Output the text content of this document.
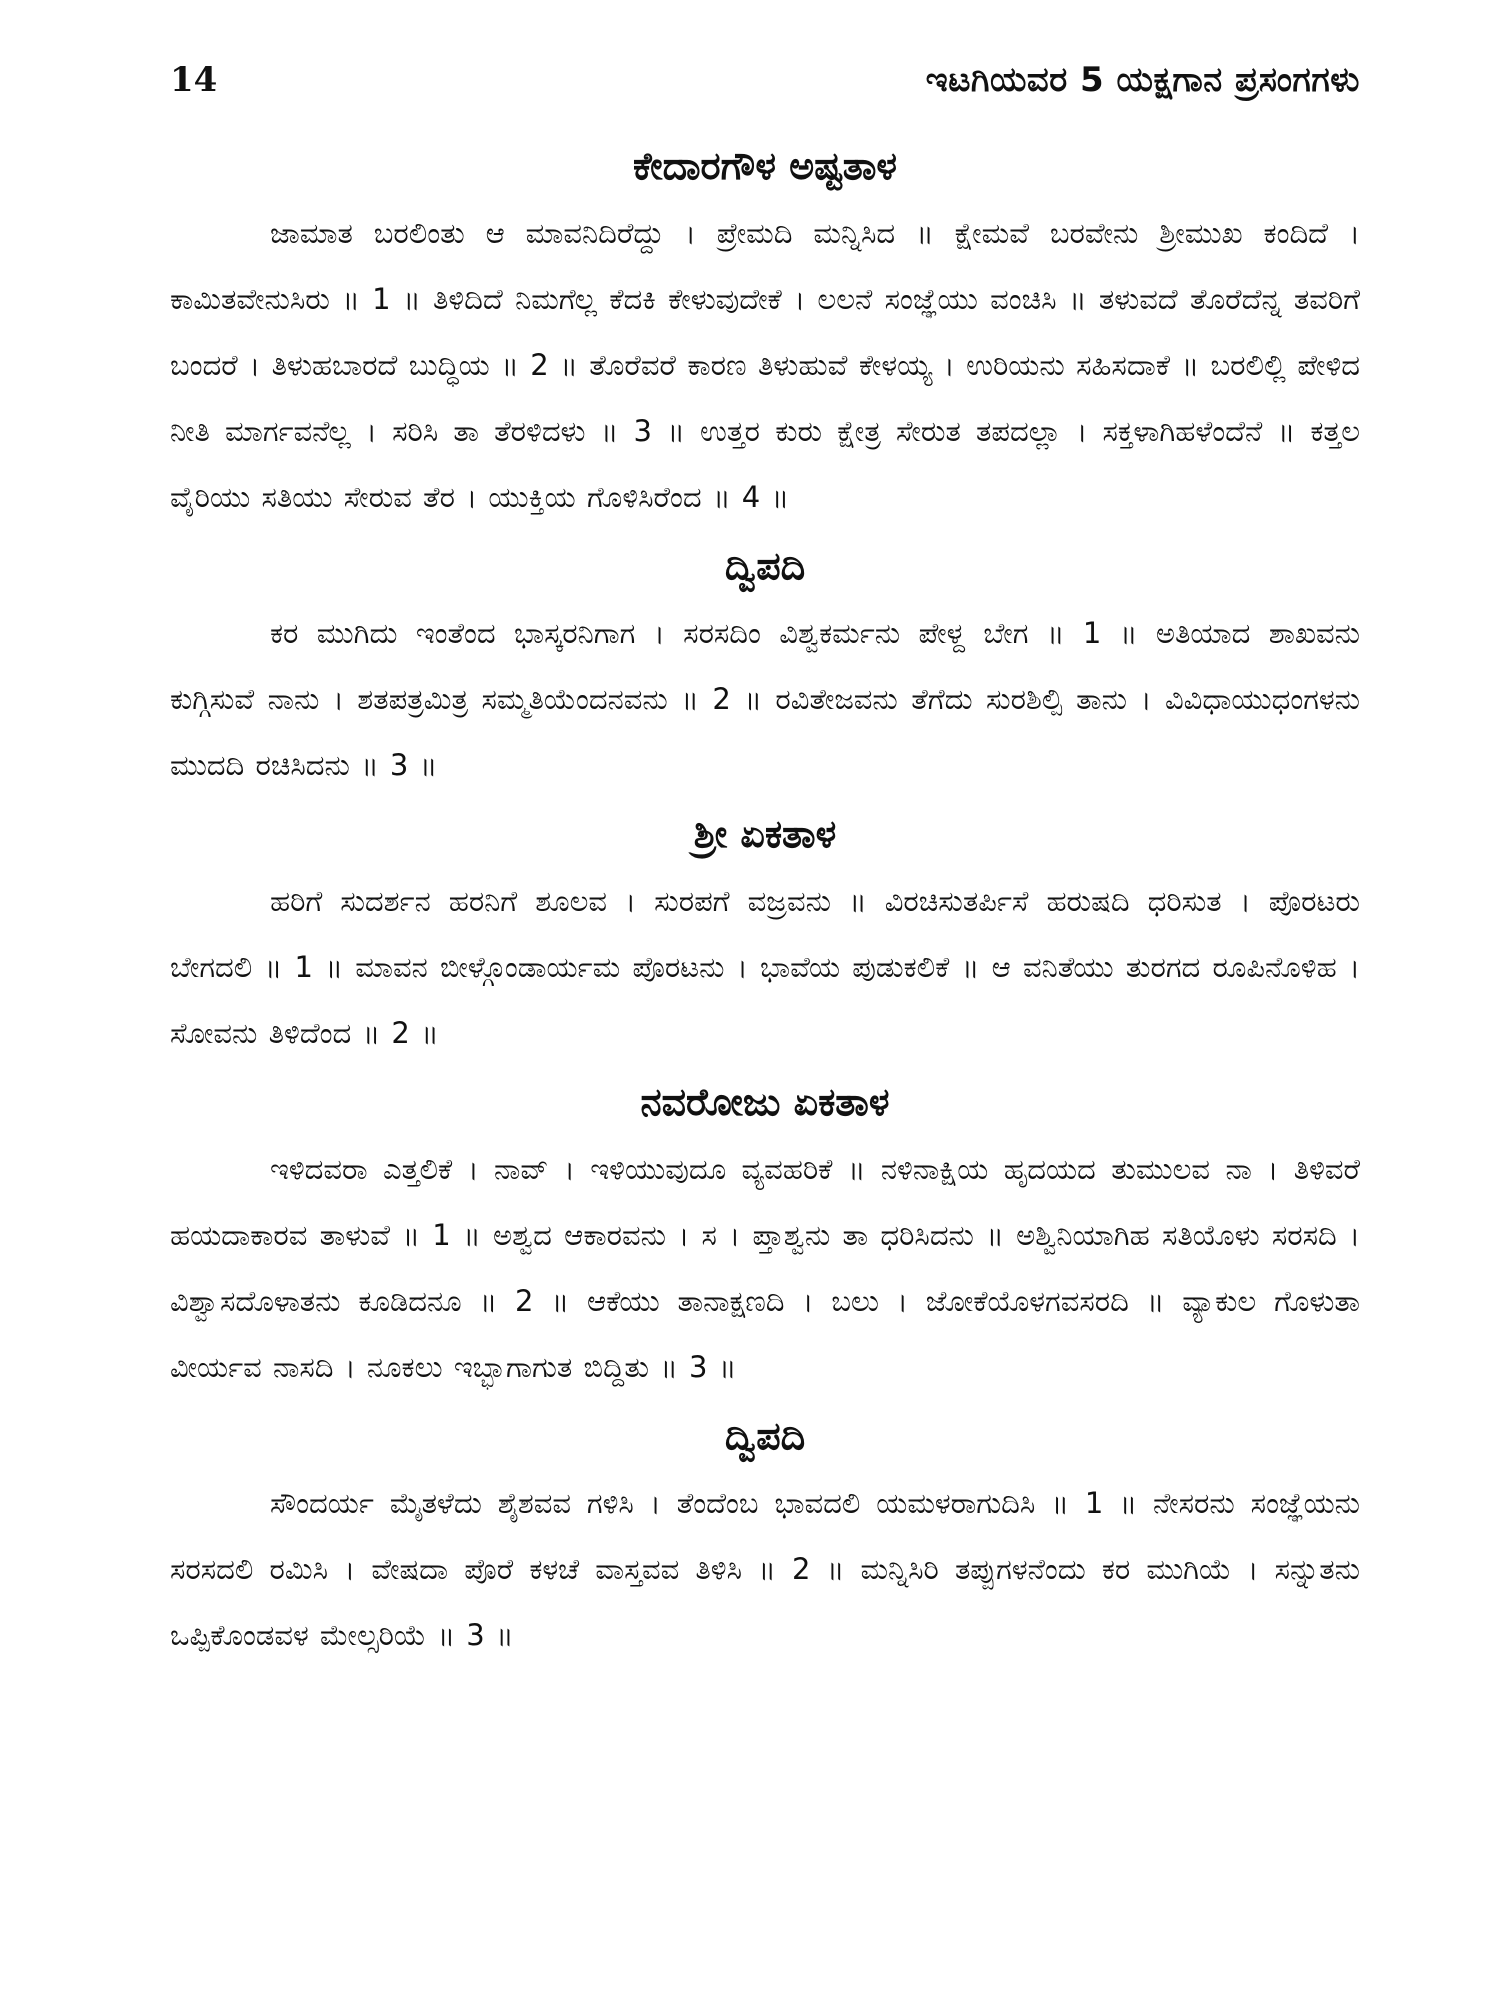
14	ಇಟಗಿಯವರ 5 ಯಕ್ಷಗಾನ ಪ್ರಸಂಗಗಳು
ಕೇದಾರಗೌಳ ಅಷ್ಟತಾಳ

ಜಾಮಾತ ಬರಲಿಂತು ಆ ಮಾವನಿದಿರೆದ್ದು । ಪ್ರೇಮದಿ ಮನ್ನಿಸಿದ ॥ ಕ್ಷೇಮವೆ ಬರವೇನು ಶ್ರೀಮುಖ ಕಂದಿದೆ । ಕಾಮಿತವೇನುಸಿರು ॥ 1 ॥ ತಿಳಿದಿದೆ ನಿಮಗೆಲ್ಲ ಕೆದಕಿ ಕೇಳುವುದೇಕೆ । ಲಲನೆ ಸಂಜ್ಞೆಯು ವಂಚಿಸಿ ॥ ತಳುವದೆ ತೊರೆದೆನ್ನ ತವರಿಗೆ ಬಂದರೆ । ತಿಳುಹಬಾರದೆ ಬುದ್ಧಿಯ ॥ 2 ॥ ತೊರೆವರೆ ಕಾರಣ ತಿಳುಹುವೆ ಕೇಳಯ್ಯ । ಉರಿಯನು ಸಹಿಸದಾಕೆ ॥ ಬರಲಿಲ್ಲಿ ಪೇಳಿದ ನೀತಿ ಮಾರ್ಗವನೆಲ್ಲ । ಸರಿಸಿ ತಾ ತೆರಳಿದಳು ॥ 3 ॥ ಉತ್ತರ ಕುರು ಕ್ಷೇತ್ರ ಸೇರುತ ತಪದಲ್ಲಾ । ಸಕ್ತಳಾಗಿಹಳೆಂದೆನೆ ॥ ಕತ್ತಲ ವೈರಿಯು ಸತಿಯು ಸೇರುವ ತೆರ । ಯುಕ್ತಿಯ ಗೊಳಿಸಿರೆಂದ ॥ 4 ॥

ದ್ವಿಪದಿ

ಕರ ಮುಗಿದು ಇಂತೆಂದ ಭಾಸ್ಕರನಿಗಾಗ । ಸರಸದಿಂ ವಿಶ್ವಕರ್ಮನು ಪೇಳ್ದ ಬೇಗ ॥ 1 ॥ ಅತಿಯಾದ ಶಾಖವನು ಕುಗ್ಗಿಸುವೆ ನಾನು । ಶತಪತ್ರಮಿತ್ರ ಸಮ್ಮತಿಯೆಂದನವನು ॥ 2 ॥ ರವಿತೇಜವನು ತೆಗೆದು ಸುರಶಿಲ್ಪಿ ತಾನು । ವಿವಿಧಾಯುಧಂಗಳನು ಮುದದಿ ರಚಿಸಿದನು ॥ 3 ॥

ಶ್ರೀ ಏಕತಾಳ

ಹರಿಗೆ ಸುದರ್ಶನ ಹರನಿಗೆ ಶೂಲವ । ಸುರಪಗೆ ವಜ್ರವನು ॥ ವಿರಚಿಸುತರ್ಪಿಸೆ ಹರುಷದಿ ಧರಿಸುತ । ಪೊರಟರು ಬೇಗದಲಿ ॥ 1 ॥ ಮಾವನ ಬೀಳ್ಗೊಂಡಾರ್ಯಮ ಪೊರಟನು । ಭಾವೆಯ ಪುಡುಕಲಿಕೆ ॥ ಆ ವನಿತೆಯು ತುರಗದ ರೂಪಿನೊಳಿಹ । ಸೋವನು ತಿಳಿದೆಂದ ॥ 2 ॥

ನವರೋಜು ಏಕತಾಳ

ಇಳಿದವರಾ ಎತ್ತಲಿಕೆ । ನಾವ್ । ಇಳಿಯುವುದೂ ವ್ಯವಹರಿಕೆ ॥ ನಳಿನಾಕ್ಷಿಯ ಹೃದಯದ ತುಮುಲವ ನಾ । ತಿಳಿವರೆ ಹಯದಾಕಾರವ ತಾಳುವೆ ॥ 1 ॥ ಅಶ್ವದ ಆಕಾರವನು । ಸ । ಪ್ತಾಶ್ವನು ತಾ ಧರಿಸಿದನು ॥ ಅಶ್ವಿನಿಯಾಗಿಹ ಸತಿಯೊಳು ಸರಸದಿ । ವಿಶ್ವಾಸದೊಳಾತನು ಕೂಡಿದನೂ ॥ 2 ॥ ಆಕೆಯು ತಾನಾಕ್ಷಣದಿ । ಬಲು । ಜೋಕೆಯೊಳಗವಸರದಿ ॥ ವ್ಯಾಕುಲ ಗೊಳುತಾ ವೀರ್ಯವ ನಾಸದಿ । ನೂಕಲು ಇಬ್ಭಾಗಾಗುತ ಬಿದ್ದಿತು ॥ 3 ॥

ದ್ವಿಪದಿ

ಸೌಂದರ್ಯ ಮೈತಳೆದು ಶೈಶವವ ಗಳಿಸಿ । ತೆಂದೆಂಬ ಭಾವದಲಿ ಯಮಳರಾಗುದಿಸಿ ॥ 1 ॥ ನೇಸರನು ಸಂಜ್ಞೆಯನು ಸರಸದಲಿ ರಮಿಸಿ । ವೇಷದಾ ಪೊರೆ ಕಳಚೆ ವಾಸ್ತವವ ತಿಳಿಸಿ ॥ 2 ॥ ಮನ್ನಿಸಿರಿ ತಪ್ಪುಗಳನೆಂದು ಕರ ಮುಗಿಯೆ । ಸನ್ನುತನು ಒಪ್ಪಿಕೊಂಡವಳ ಮೇಲ್ಸರಿಯೆ ॥ 3 ॥
